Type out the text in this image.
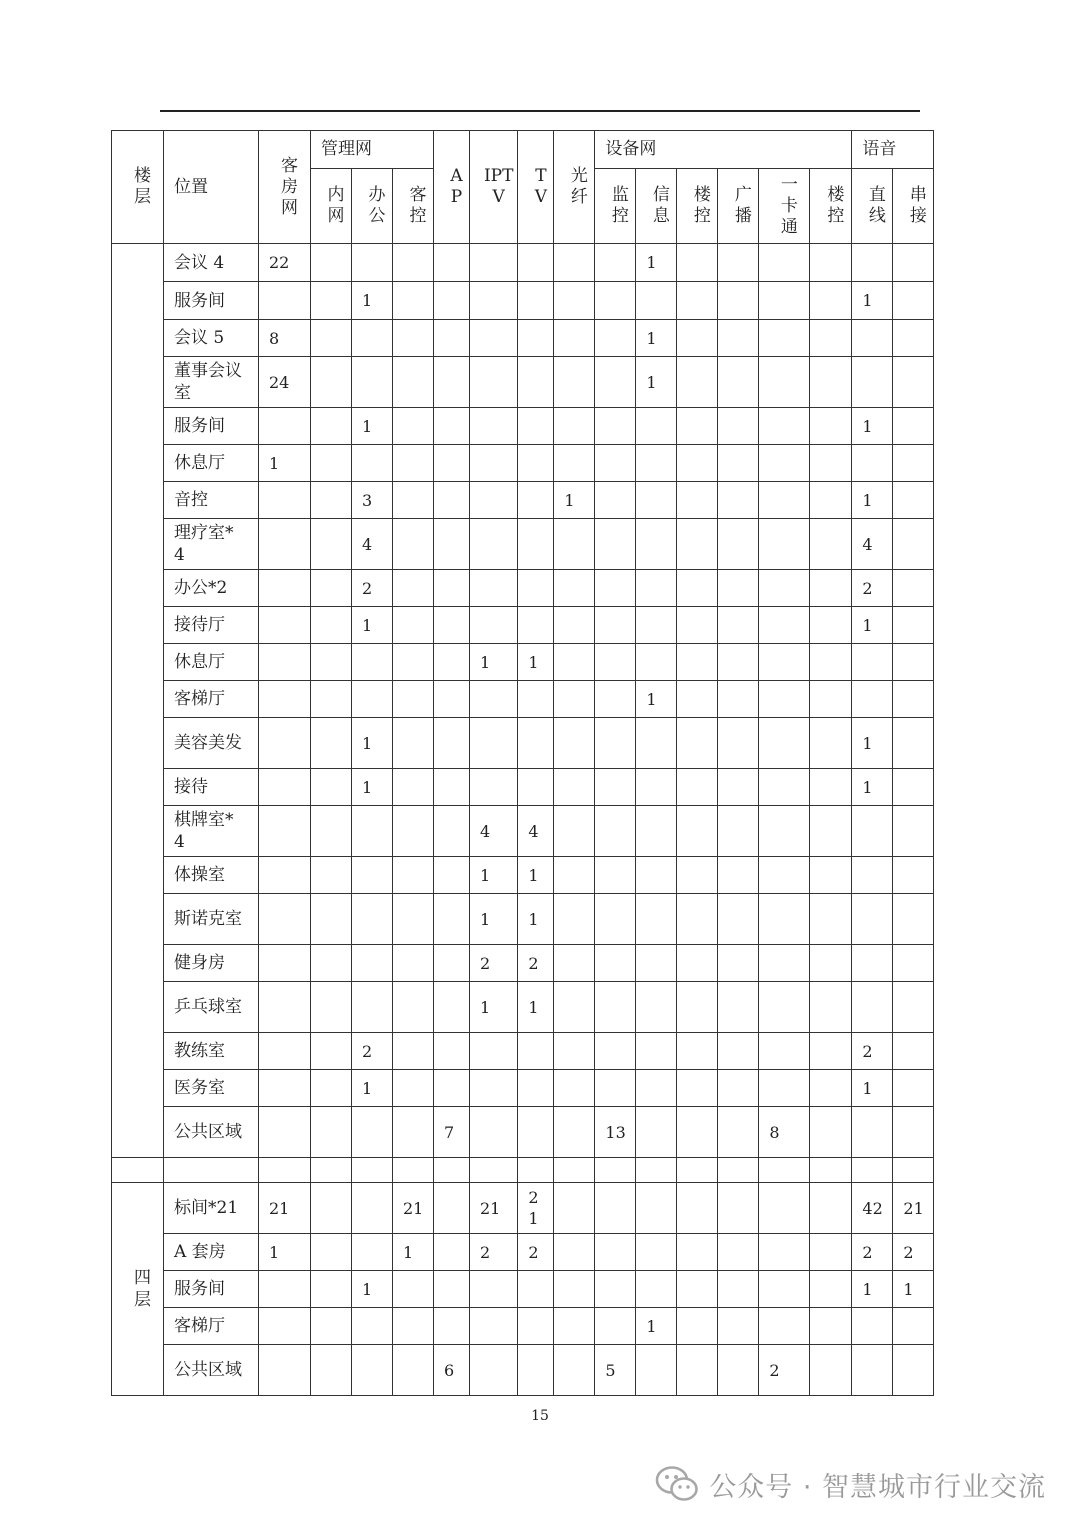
楼层	位置	客房网	管理网			AP	IPTV	TV	光纤	设备网						语音	
			内网	办公	客控					监控	信息	楼控	广播	一卡通	楼控	直线	串接
	会议 4	22									1						
	服务间			1												1	
	会议 5	8									1						
	董事会议室	24									1						
	服务间			1												1	
	休息厅	1															
	音控			3					1							1	
	理疗室*4			4												4	
	办公*2			2												2	
	接待厅			1												1	
	休息厅						1	1									
	客梯厅										1						
	美容美发			1												1	
	接待			1												1	
	棋牌室*4						4	4									
	体操室						1	1									
	斯诺克室						1	1									
	健身房						2	2									
	乒乓球室						1	1									
	教练室			2												2	
	医务室			1												1	
	公共区域					7				13				8			

四层	标间*21	21			21		21	21								42	21
	A 套房	1			1		2	2								2	2
	服务间			1												1	1
	客梯厅										1						
	公共区域					6				5				2			
15
公众号 · 智慧城市行业交流
